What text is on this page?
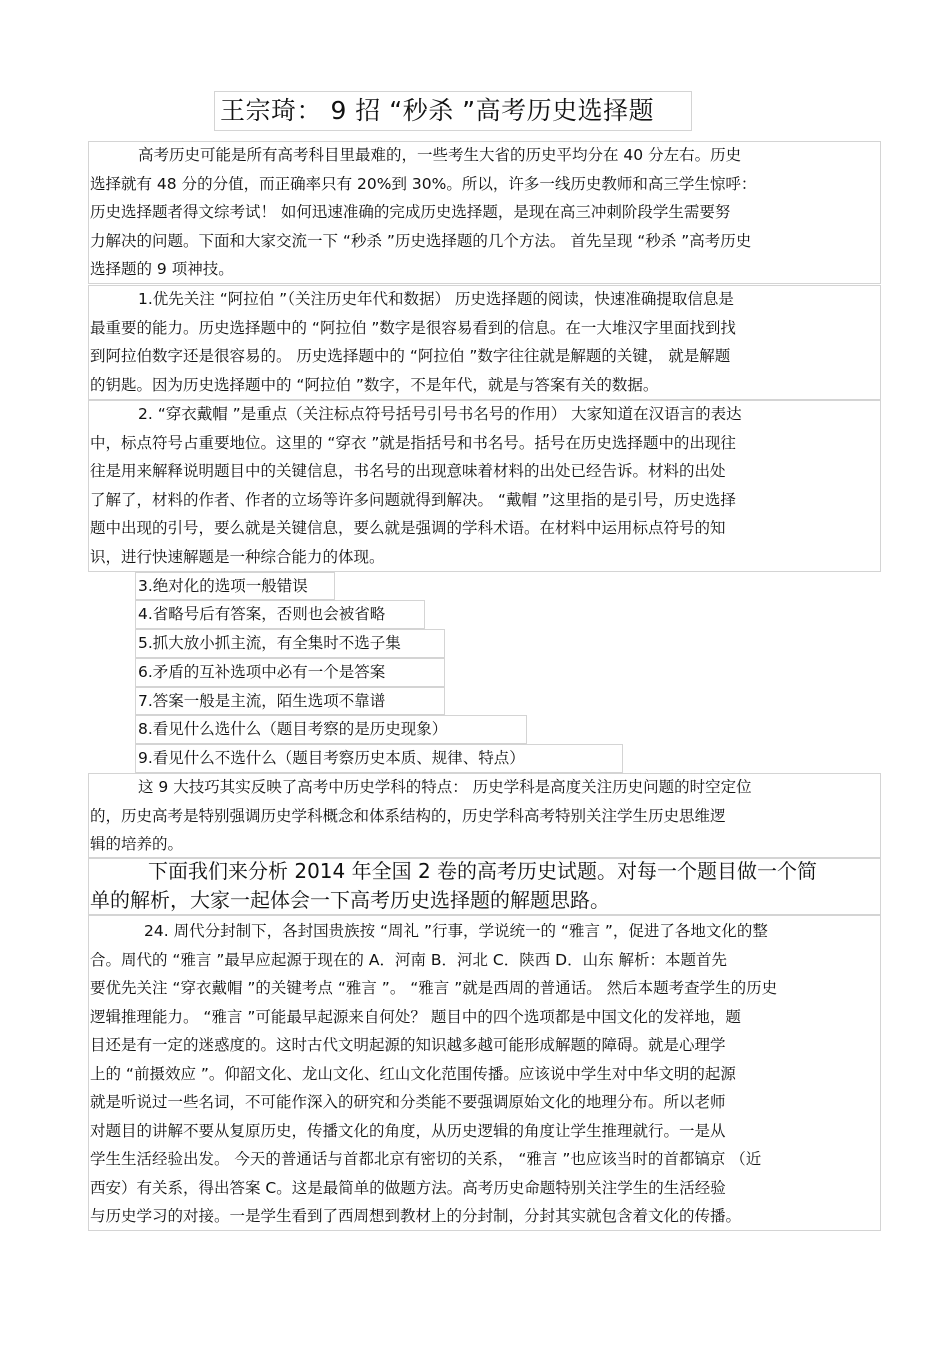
王宗琦： 9 招 “秒杀 ”高考历史选择题
高考历史可能是所有高考科目里最难的，一些考生大省的历史平均分在 40 分左右。历史
选择就有 48 分的分值，而正确率只有 20%到 30%。所以，许多一线历史教师和高三学生惊呼：
历史选择题者得文综考试！ 如何迅速准确的完成历史选择题，是现在高三冲刺阶段学生需要努
力解决的问题。下面和大家交流一下 “秒杀 ”历史选择题的几个方法。 首先呈现 “秒杀 ”高考历史
选择题的 9 项神技。
1.优先关注 “阿拉伯 ”（关注历史年代和数据） 历史选择题的阅读，快速准确提取信息是
最重要的能力。历史选择题中的 “阿拉伯 ”数字是很容易看到的信息。在一大堆汉字里面找到找
到阿拉伯数字还是很容易的。 历史选择题中的 “阿拉伯 ”数字往往就是解题的关键， 就是解题
的钥匙。因为历史选择题中的 “阿拉伯 ”数字，不是年代，就是与答案有关的数据。
2. “穿衣戴帽 ”是重点（关注标点符号括号引号书名号的作用） 大家知道在汉语言的表达
中，标点符号占重要地位。这里的 “穿衣 ”就是指括号和书名号。括号在历史选择题中的出现往
往是用来解释说明题目中的关键信息，书名号的出现意味着材料的出处已经告诉。材料的出处
了解了，材料的作者、作者的立场等许多问题就得到解决。 “戴帽 ”这里指的是引号，历史选择
题中出现的引号，要么就是关键信息，要么就是强调的学科术语。在材料中运用标点符号的知
识，进行快速解题是一种综合能力的体现。
3.绝对化的选项一般错误
4.省略号后有答案，否则也会被省略
5.抓大放小抓主流，有全集时不选子集
6.矛盾的互补选项中必有一个是答案
7.答案一般是主流，陌生选项不靠谱
8.看见什么选什么（题目考察的是历史现象）
9.看见什么不选什么（题目考察历史本质、规律、特点）
这 9 大技巧其实反映了高考中历史学科的特点： 历史学科是高度关注历史问题的时空定位
的，历史高考是特别强调历史学科概念和体系结构的，历史学科高考特别关注学生历史思维逻
辑的培养的。
下面我们来分析 2014 年全国 2 卷的高考历史试题。对每一个题目做一个简
单的解析，大家一起体会一下高考历史选择题的解题思路。
24. 周代分封制下，各封国贵族按 “周礼 ”行事，学说统一的 “雅言 ”，促进了各地文化的整
合。周代的 “雅言 ”最早应起源于现在的 A．河南 B．河北 C．陕西 D．山东 解析：本题首先
要优先关注 “穿衣戴帽 ”的关键考点 “雅言 ”。 “雅言 ”就是西周的普通话。 然后本题考查学生的历史
逻辑推理能力。 “雅言 ”可能最早起源来自何处？ 题目中的四个选项都是中国文化的发祥地，题
目还是有一定的迷惑度的。这时古代文明起源的知识越多越可能形成解题的障碍。就是心理学
上的 “前摄效应 ”。仰韶文化、龙山文化、红山文化范围传播。应该说中学生对中华文明的起源
就是听说过一些名词，不可能作深入的研究和分类能不要强调原始文化的地理分布。所以老师
对题目的讲解不要从复原历史，传播文化的角度，从历史逻辑的角度让学生推理就行。一是从
学生生活经验出发。 今天的普通话与首都北京有密切的关系， “雅言 ”也应该当时的首都镐京 （近
西安）有关系，得出答案 C。这是最简单的做题方法。高考历史命题特别关注学生的生活经验
与历史学习的对接。一是学生看到了西周想到教材上的分封制，分封其实就包含着文化的传播。
